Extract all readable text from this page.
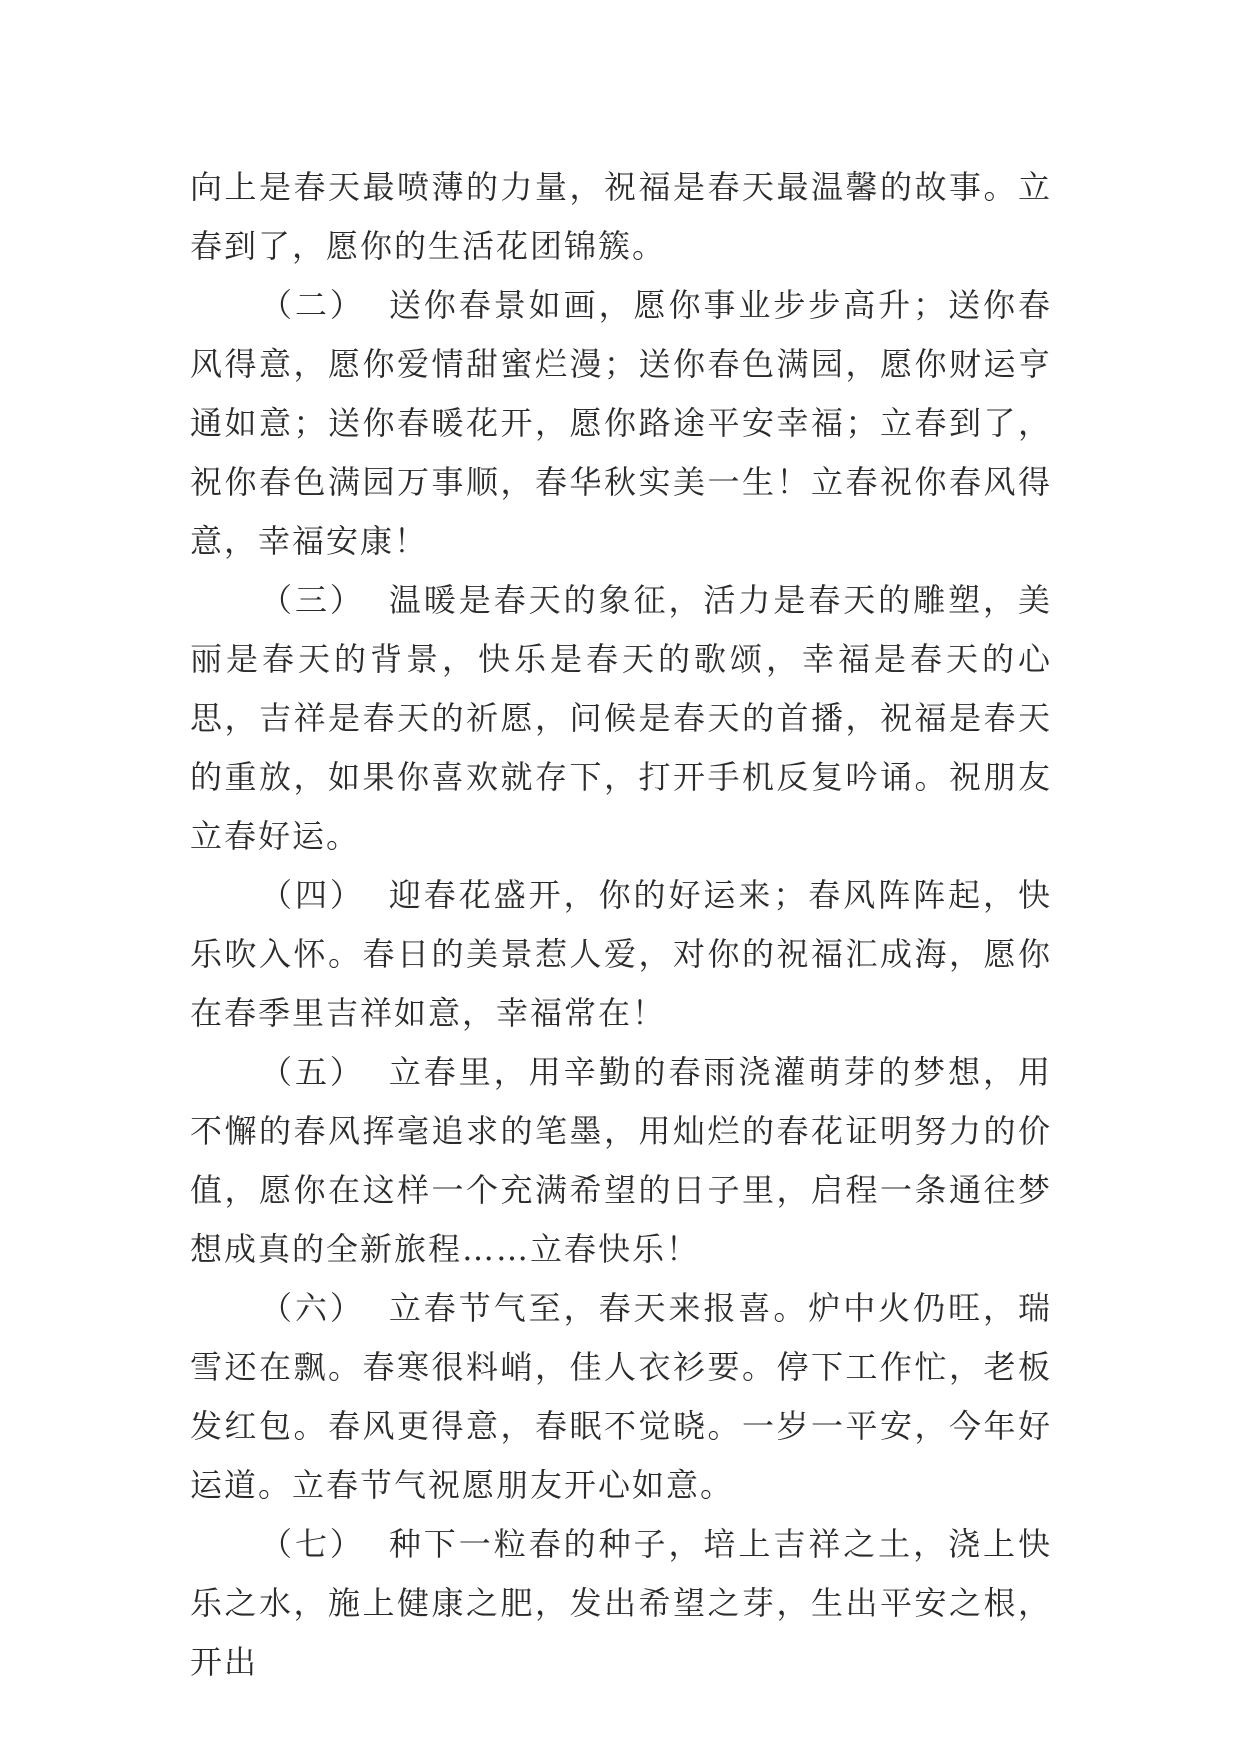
向上是春天最喷薄的力量，祝福是春天最温馨的故事。立春到了，愿你的生活花团锦簇。

（二） 送你春景如画，愿你事业步步高升；送你春风得意，愿你爱情甜蜜烂漫；送你春色满园，愿你财运亨通如意；送你春暖花开，愿你路途平安幸福；立春到了，祝你春色满园万事顺，春华秋实美一生！立春祝你春风得意，幸福安康！

（三） 温暖是春天的象征，活力是春天的雕塑，美丽是春天的背景，快乐是春天的歌颂，幸福是春天的心思，吉祥是春天的祈愿，问候是春天的首播，祝福是春天的重放，如果你喜欢就存下，打开手机反复吟诵。祝朋友立春好运。

（四） 迎春花盛开，你的好运来；春风阵阵起，快乐吹入怀。春日的美景惹人爱，对你的祝福汇成海，愿你在春季里吉祥如意，幸福常在！

（五） 立春里，用辛勤的春雨浇灌萌芽的梦想，用不懈的春风挥毫追求的笔墨，用灿烂的春花证明努力的价值，愿你在这样一个充满希望的日子里，启程一条通往梦想成真的全新旅程……立春快乐！

（六） 立春节气至，春天来报喜。炉中火仍旺，瑞雪还在飘。春寒很料峭，佳人衣衫要。停下工作忙，老板发红包。春风更得意，春眠不觉晓。一岁一平安，今年好运道。立春节气祝愿朋友开心如意。

（七） 种下一粒春的种子，培上吉祥之土，浇上快乐之水，施上健康之肥，发出希望之芽，生出平安之根，开出
